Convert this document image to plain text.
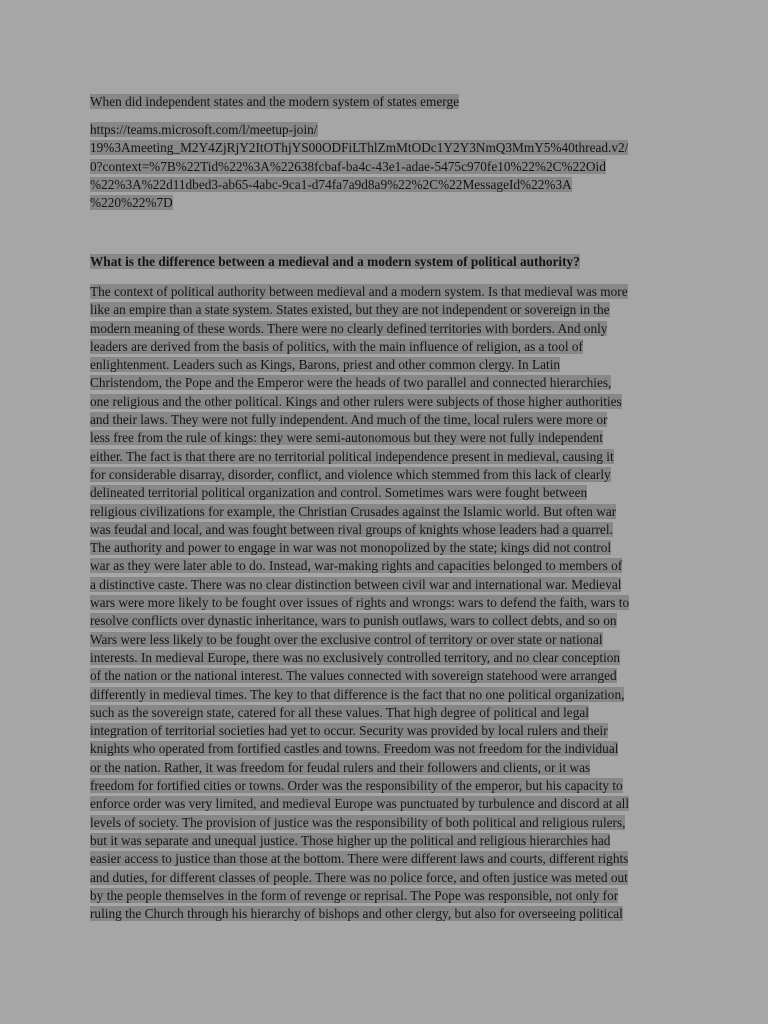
When did independent states and the modern system of states emerge
https://teams.microsoft.com/l/meetup-join/
19%3Ameeting_M2Y4ZjRjY2ItOThjYS00ODFiLThlZmMtODc1Y2Y3NmQ3MmY5%40thread.v2/
0?context=%7B%22Tid%22%3A%22638fcbaf-ba4c-43e1-adae-5475c970fe10%22%2C%22Oid
%22%3A%22d11dbed3-ab65-4abc-9ca1-d74fa7a9d8a9%22%2C%22MessageId%22%3A
%220%22%7D
What is the difference between a medieval and a modern system of political authority?
The context of political authority between medieval and a modern system. Is that medieval was more
like an empire than a state system. States existed, but they are not independent or sovereign in the
modern meaning of these words. There were no clearly defined territories with borders. And only
leaders are derived from the basis of politics, with the main influence of religion, as a tool of
enlightenment. Leaders such as Kings, Barons, priest and other common clergy. In Latin
Christendom, the Pope and the Emperor were the heads of two parallel and connected hierarchies,
one religious and the other political. Kings and other rulers were subjects of those higher authorities
and their laws. They were not fully independent. And much of the time, local rulers were more or
less free from the rule of kings: they were semi-autonomous but they were not fully independent
either. The fact is that there are no territorial political independence present in medieval, causing it
for considerable disarray, disorder, conflict, and violence which stemmed from this lack of clearly
delineated territorial political organization and control. Sometimes wars were fought between
religious civilizations for example, the Christian Crusades against the Islamic world. But often war
was feudal and local, and was fought between rival groups of knights whose leaders had a quarrel.
The authority and power to engage in war was not monopolized by the state; kings did not control
war as they were later able to do. Instead, war-making rights and capacities belonged to members of
a distinctive caste. There was no clear distinction between civil war and international war. Medieval
wars were more likely to be fought over issues of rights and wrongs: wars to defend the faith, wars to
resolve conflicts over dynastic inheritance, wars to punish outlaws, wars to collect debts, and so on
Wars were less likely to be fought over the exclusive control of territory or over state or national
interests. In medieval Europe, there was no exclusively controlled territory, and no clear conception
of the nation or the national interest. The values connected with sovereign statehood were arranged
differently in medieval times. The key to that difference is the fact that no one political organization,
such as the sovereign state, catered for all these values. That high degree of political and legal
integration of territorial societies had yet to occur. Security was provided by local rulers and their
knights who operated from fortified castles and towns. Freedom was not freedom for the individual
or the nation. Rather, it was freedom for feudal rulers and their followers and clients, or it was
freedom for fortified cities or towns. Order was the responsibility of the emperor, but his capacity to
enforce order was very limited, and medieval Europe was punctuated by turbulence and discord at all
levels of society. The provision of justice was the responsibility of both political and religious rulers,
but it was separate and unequal justice. Those higher up the political and religious hierarchies had
easier access to justice than those at the bottom. There were different laws and courts, different rights
and duties, for different classes of people. There was no police force, and often justice was meted out
by the people themselves in the form of revenge or reprisal. The Pope was responsible, not only for
ruling the Church through his hierarchy of bishops and other clergy, but also for overseeing political
